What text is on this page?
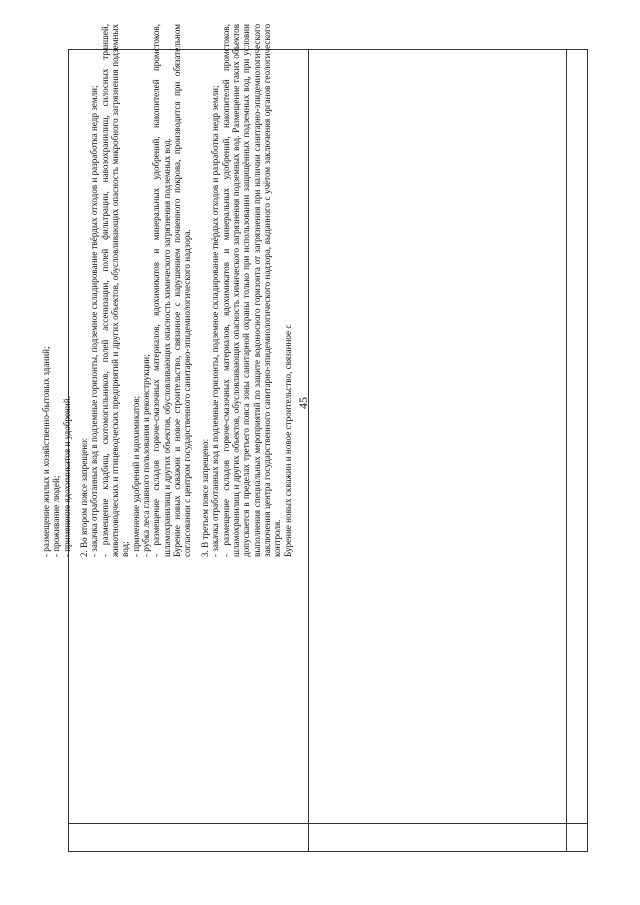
45
- размещение жилых и хозяйственно-бытовых зданий; - проживание людей; - применение ядохимикатов и удобрений. 2. Во втором поясе запрещено: - закачка отработанных вод в подземные горизонты, подземное складирование твёрдых отходов и разработка недр земли; - размещение кладбищ, скотомогильников, полей ассенизации, полей фильтрации, навозохранилищ, силосных траншей, животноводческих и птицеводческих предприятий и других объектов, обусловливающих опасность микробного загрязнения подземных вод; - применение удобрений и ядохимикатов; - рубка леса главного пользования и реконструкции; - размещение складов горюче-смазочных материалов, ядохимикатов и минеральных удобрений, накопителей промстоков, шламохранилищ и других объектов, обусловливающих опасность химического загрязнения подземных вод. Бурение новых скважин и новое строительство, связанное с нарушением почвенного покрова, производится при обязательном согласовании с центром государственного санитарно-эпидемиологического надзора. 3. В третьем поясе запрещено: - закачка отработанных вод в подземные горизонты, подземное складирование твёрдых отходов и разработка недр земли; - размещение складов горюче-смазочных материалов, ядохимикатов и минеральных удобрений, накопителей промстоков, шламохранилищ и других объектов, обусловливающих опасность химического загрязнения подземных вод. Размещение таких объектов допускается в пределах третьего пояса зоны санитарной охраны только при использовании защищённых подземных вод, при условии выполнения специальных мероприятий по защите водоносного горизонта от загрязнения при наличии санитарно-эпидемиологического заключения центра государственного санитарно-эпидемиологического надзора, выданного с учётом заключения органов геологического контроля. Бурение новых скважин и новое строительство, связанное с
